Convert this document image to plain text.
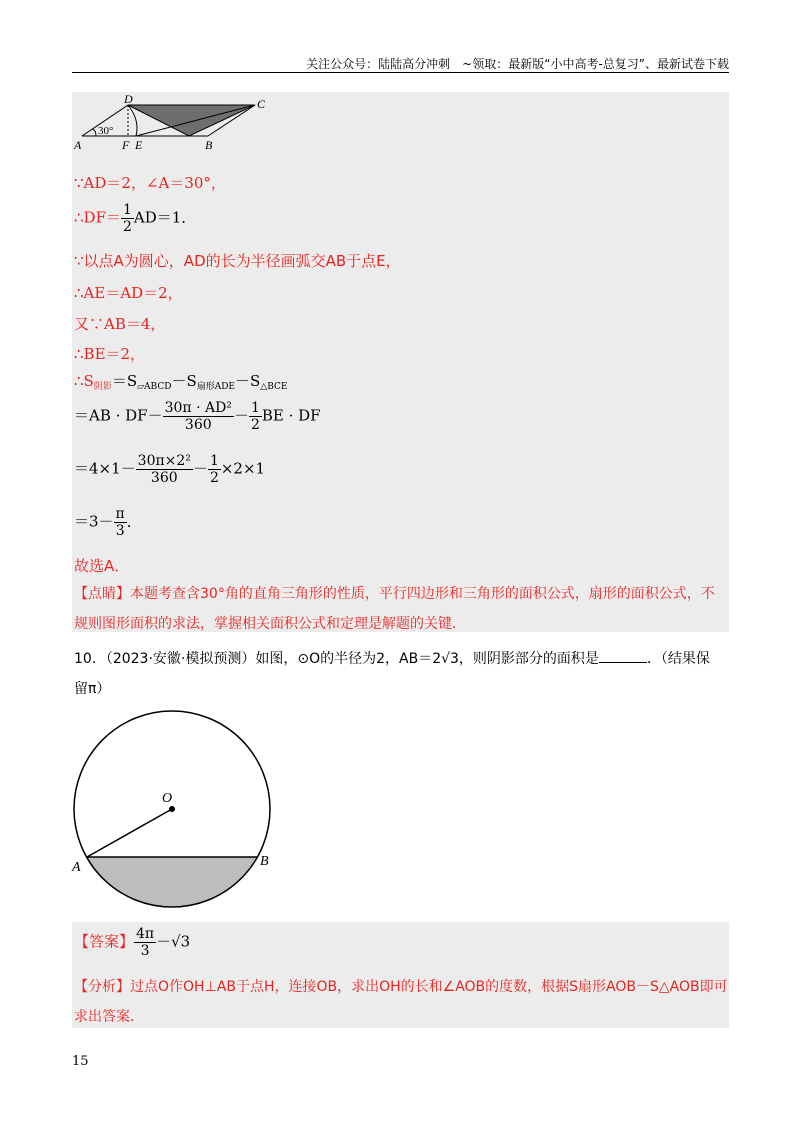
关注公众号：陆陆高分冲刺　~领取：最新版“小中高考-总复习”、最新试卷下载
D	C
A	F E	B
30°
∵AD＝2，∠A＝30°，
∴DF＝ $\frac{1}{2} AD=1$．
∵以点A为圆心，AD的长为半径画弧交AB于点E，
∴AE＝AD＝2，
又∵AB＝4，
∴BE＝2，
$\therefore S_{阴影}=S_{▱ABCD}-S_{扇形ADE}-S_{\triangle BCE}$
$=AB \cdot DF- \frac{\text{30π · AD²}}{360} - \frac{1}{2}$ BE · DF
$=4\times 1- \frac{\text{30π×2²}}{360} - \frac{1}{2} \times 2\times 1$
$=3- \frac{\pi}{3}$ ．
故选A．
【点睛】本题考查含30°角的直角三角形的性质，平行四边形和三角形的面积公式，扇形的面积公式，不
规则图形面积的求法，掌握相关面积公式和定理是解题的关键．
10．（2023·安徽·模拟预测）如图，⊙O的半径为2，AB＝2√3，则阴影部分的面积是	．（结果保
留π）
O
A	B
【答案】 $\frac{4\pi}{3} -√3$
【分析】过点O作OH⊥AB于点H，连接OB，求出OH的长和∠AOB的度数，根据S扇形AOB－S△AOB即可
求出答案．
15
